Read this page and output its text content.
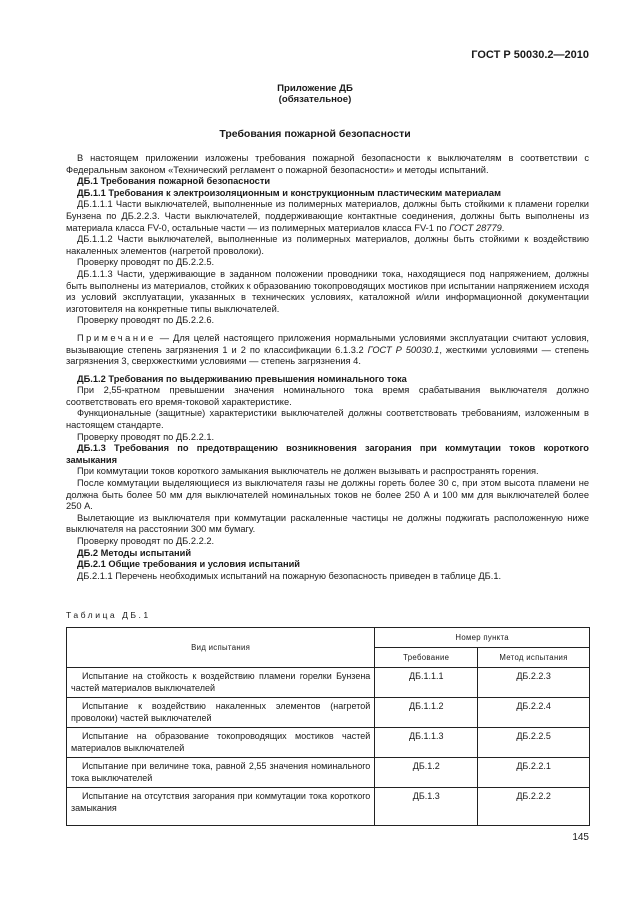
ГОСТ Р 50030.2—2010
Приложение ДБ
(обязательное)
Требования пожарной безопасности

В настоящем приложении изложены требования пожарной безопасности к выключателям в соответствии с Федеральным законом «Технический регламент о пожарной безопасности» и методы испытаний.

ДБ.1 Требования пожарной безопасности

ДБ.1.1 Требования к электроизоляционным и конструкционным пластическим материалам

ДБ.1.1.1 Части выключателей, выполненные из полимерных материалов, должны быть стойкими к пламени горелки Бунзена по ДБ.2.2.3. Части выключателей, поддерживающие контактные соединения, должны быть выполнены из материала класса FV-0, остальные части — из полимерных материалов класса FV-1 по ГОСТ 28779.

ДБ.1.1.2 Части выключателей, выполненные из полимерных материалов, должны быть стойкими к воздействию накаленных элементов (нагретой проволоки).

Проверку проводят по ДБ.2.2.5.

ДБ.1.1.3 Части, удерживающие в заданном положении проводники тока, находящиеся под напряжением, должны быть выполнены из материалов, стойких к образованию токопроводящих мостиков при испытании напряжением исходя из условий эксплуатации, указанных в технических условиях, каталожной и/или информационной документации изготовителя на конкретные типы выключателей.

Проверку проводят по ДБ.2.2.6.

Примечание — Для целей настоящего приложения нормальными условиями эксплуатации считают условия, вызывающие степень загрязнения 1 и 2 по классификации 6.1.3.2 ГОСТ Р 50030.1, жесткими условиями — степень загрязнения 3, сверхжесткими условиями — степень загрязнения 4.

ДБ.1.2 Требования по выдерживанию превышения номинального тока

При 2,55-кратном превышении значения номинального тока время срабатывания выключателя должно соответствовать его время-токовой характеристике.

Функциональные (защитные) характеристики выключателей должны соответствовать требованиям, изложенным в настоящем стандарте.

Проверку проводят по ДБ.2.2.1.

ДБ.1.3 Требования по предотвращению возникновения загорания при коммутации токов короткого замыкания

При коммутации токов короткого замыкания выключатель не должен вызывать и распространять горения.

После коммутации выделяющиеся из выключателя газы не должны гореть более 30 с, при этом высота пламени не должна быть более 50 мм для выключателей номинальных токов не более 250 А и 100 мм для выключателей более 250 А.

Вылетающие из выключателя при коммутации раскаленные частицы не должны поджигать расположенную ниже выключателя на расстоянии 300 мм бумагу.

Проверку проводят по ДБ.2.2.2.

ДБ.2 Методы испытаний

ДБ.2.1 Общие требования и условия испытаний

ДБ.2.1.1 Перечень необходимых испытаний на пожарную безопасность приведен в таблице ДБ.1.

Таблица ДБ.1
Вид испытания	Номер пункта	
	Требование	Метод испытания
Испытание на стойкость к воздействию пламени горелки Бунзена частей материалов выключателей	ДБ.1.1.1	ДБ.2.2.3
Испытание к воздействию накаленных элементов (нагретой проволоки) частей выключателей	ДБ.1.1.2	ДБ.2.2.4
Испытание на образование токопроводящих мостиков частей материалов выключателей	ДБ.1.1.3	ДБ.2.2.5
Испытание при величине тока, равной 2,55 значения номинального тока выключателей	ДБ.1.2	ДБ.2.2.1
Испытание на отсутствия загорания при коммутации тока короткого замыкания	ДБ.1.3	ДБ.2.2.2
145
